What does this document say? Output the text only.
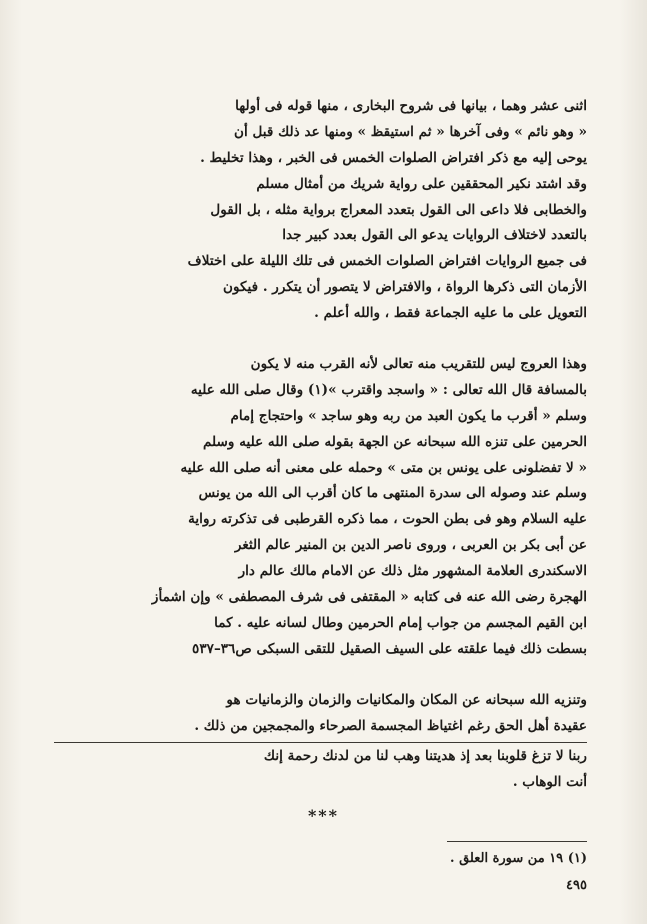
اثنى عشر وهما ، بيانها فى شروح البخارى ، منها قوله فى أولها
« وهو نائم » وفى آخرها « ثم استيقظ » ومنها عد ذلك قبل أن
يوحى إليه مع ذكر افتراض الصلوات الخمس فى الخبر ، وهذا تخليط .
وقد اشتد نكير المحققين على رواية شريك من أمثال مسلم
والخطابى فلا داعى الى القول بتعدد المعراج برواية مثله ، بل القول
بالتعدد لاختلاف الروايات يدعو الى القول بعدد كبير جدا
فى جميع الروايات افتراض الصلوات الخمس فى تلك الليلة على اختلاف
الأزمان التى ذكرها الرواة ، والافتراض لا يتصور أن يتكرر . فيكون
التعويل على ما عليه الجماعة فقط ، والله أعلم .
وهذا العروج ليس للتقريب منه تعالى لأنه القرب منه لا يكون
بالمسافة قال الله تعالى : « واسجد واقترب »(١) وقال صلى الله عليه
وسلم « أقرب ما يكون العبد من ربه وهو ساجد » واحتجاج إمام
الحرمين على تنزه الله سبحانه عن الجهة بقوله صلى الله عليه وسلم
« لا تفضلونى على يونس بن متى » وحمله على معنى أنه صلى الله عليه
وسلم عند وصوله الى سدرة المنتهى ما كان أقرب الى الله من يونس
عليه السلام وهو فى بطن الحوت ، مما ذكره القرطبى فى تذكرته رواية
عن أبى بكر بن العربى ، وروى ناصر الدين بن المنير عالم الثغر
الاسكندرى العلامة المشهور مثل ذلك عن الامام مالك عالم دار
الهجرة رضى الله عنه فى كتابه « المقتفى فى شرف المصطفى » وإن اشمأز
ابن القيم المجسم من جواب إمام الحرمين وطال لسانه عليه . كما
بسطت ذلك فيما علقته على السيف الصقيل للتقى السبكى ص٣٦–٥٣٧
وتنزيه الله سبحانه عن المكان والمكانيات والزمان والزمانيات هو
عقيدة أهل الحق رغم اغتياظ المجسمة الصرحاء والمجمجين من ذلك .
ربنا لا تزغ قلوبنا بعد إذ هديتنا وهب لنا من لدنك رحمة إنك
أنت الوهاب .
***
(١) ١٩ من سورة العلق .
٤٩٥
